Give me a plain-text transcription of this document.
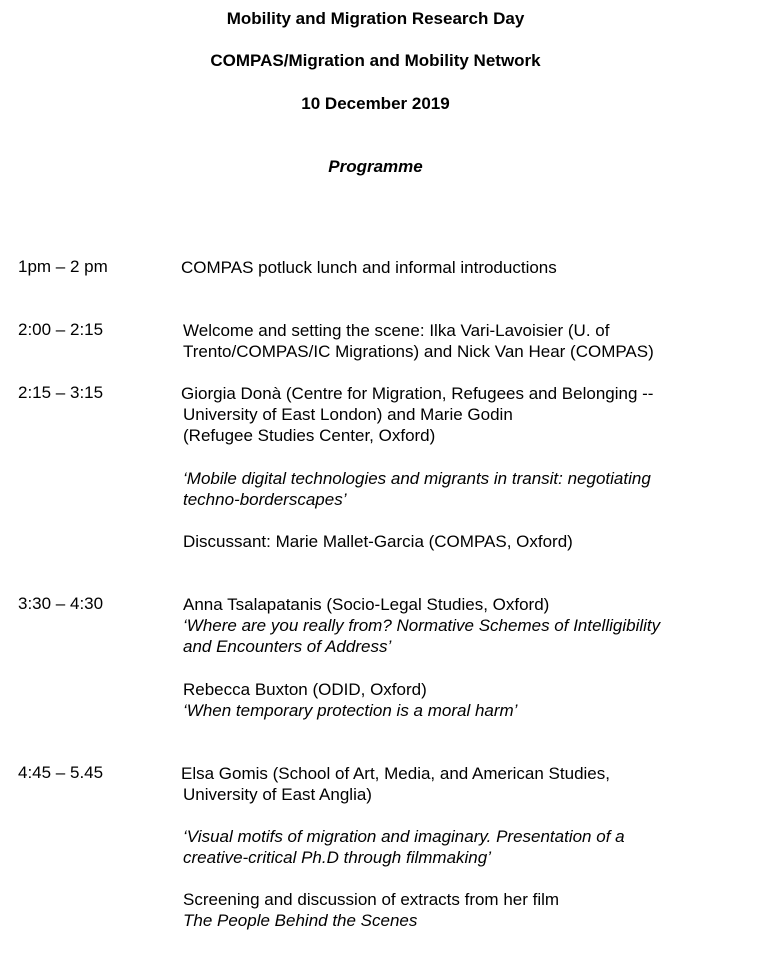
Mobility and Migration Research Day
COMPAS/Migration and Mobility Network
10 December 2019
Programme
1pm – 2 pm	COMPAS potluck lunch and informal introductions
2:00 – 2:15	Welcome and setting the scene: Ilka Vari-Lavoisier (U. of
Trento/COMPAS/IC Migrations) and Nick Van Hear (COMPAS)
2:15 – 3:15	Giorgia Donà (Centre for Migration, Refugees and Belonging --
University of East London) and Marie Godin
(Refugee Studies Center, Oxford)
‘Mobile digital technologies and migrants in transit: negotiating
techno-borderscapes’
Discussant: Marie Mallet-Garcia (COMPAS, Oxford)
3:30 – 4:30	Anna Tsalapatanis (Socio-Legal Studies, Oxford)
‘Where are you really from? Normative Schemes of Intelligibility
and Encounters of Address’
Rebecca Buxton (ODID, Oxford)
‘When temporary protection is a moral harm’
4:45 – 5.45	Elsa Gomis (School of Art, Media, and American Studies,
University of East Anglia)
‘Visual motifs of migration and imaginary. Presentation of a
creative-critical Ph.D through filmmaking’
Screening and discussion of extracts from her film
The People Behind the Scenes
